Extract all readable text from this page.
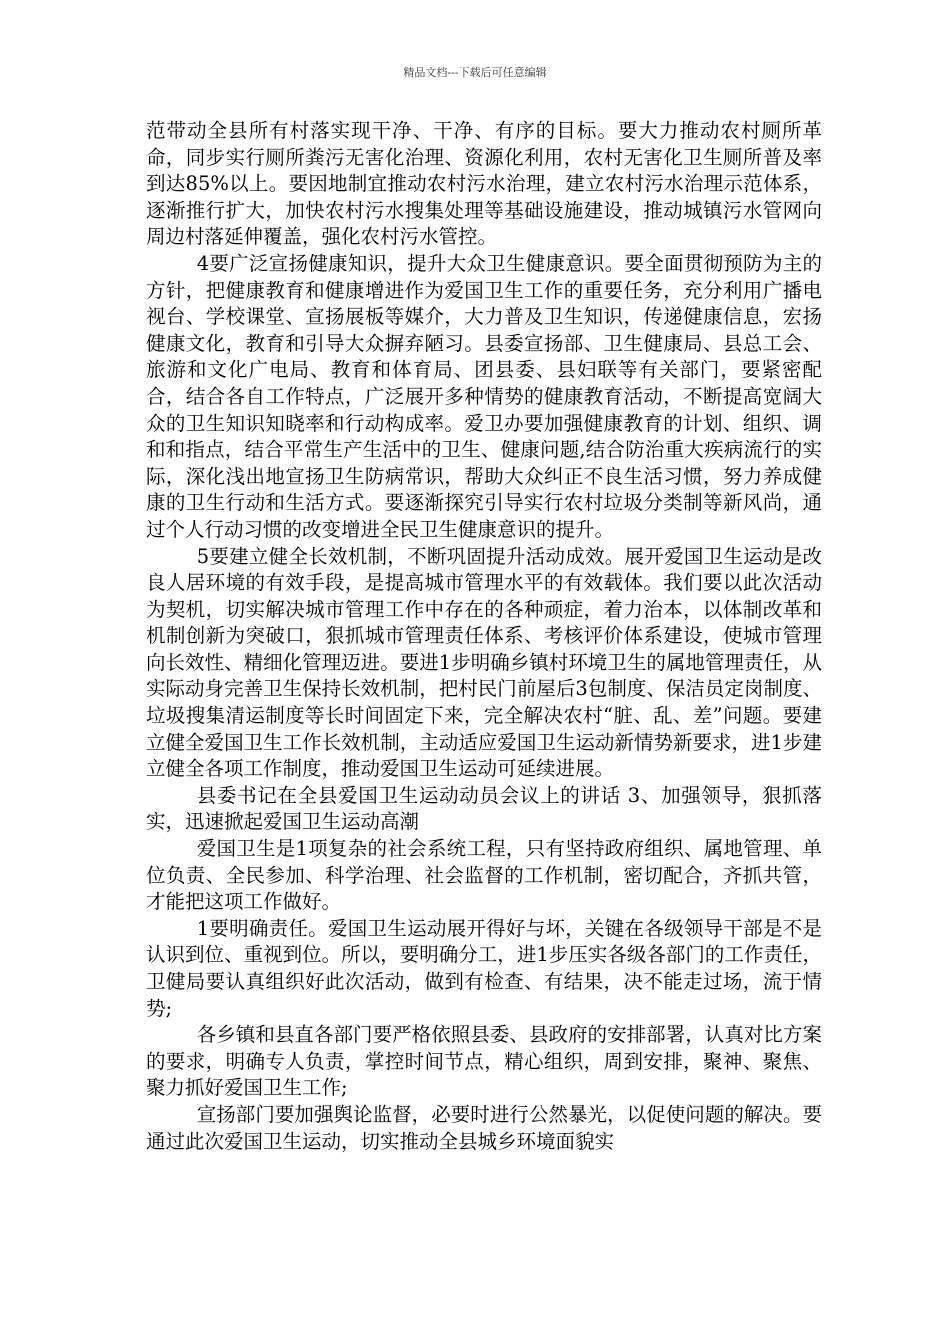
精品文档---下载后可任意编辑

范带动全县所有村落实现干净、干净、有序的目标。要大力推动农村厕所革命，同步实行厕所粪污无害化治理、资源化利用，农村无害化卫生厕所普及率到达85%以上。要因地制宜推动农村污水治理，建立农村污水治理示范体系，逐渐推行扩大，加快农村污水搜集处理等基础设施建设，推动城镇污水管网向周边村落延伸覆盖，强化农村污水管控。

4要广泛宣扬健康知识，提升大众卫生健康意识。要全面贯彻预防为主的方针，把健康教育和健康增进作为爱国卫生工作的重要任务，充分利用广播电视台、学校课堂、宣扬展板等媒介，大力普及卫生知识，传递健康信息，宏扬健康文化，教育和引导大众摒弃陋习。县委宣扬部、卫生健康局、县总工会、旅游和文化广电局、教育和体育局、团县委、县妇联等有关部门，要紧密配合，结合各自工作特点，广泛展开多种情势的健康教育活动，不断提高宽阔大众的卫生知识知晓率和行动构成率。爱卫办要加强健康教育的计划、组织、调和和指点，结合平常生产生活中的卫生、健康问题,结合防治重大疾病流行的实际，深化浅出地宣扬卫生防病常识，帮助大众纠正不良生活习惯，努力养成健康的卫生行动和生活方式。要逐渐探究引导实行农村垃圾分类制等新风尚，通过个人行动习惯的改变增进全民卫生健康意识的提升。

5要建立健全长效机制，不断巩固提升活动成效。展开爱国卫生运动是改良人居环境的有效手段，是提高城市管理水平的有效载体。我们要以此次活动为契机，切实解决城市管理工作中存在的各种顽症，着力治本，以体制改革和机制创新为突破口，狠抓城市管理责任体系、考核评价体系建设，使城市管理向长效性、精细化管理迈进。要进1步明确乡镇村环境卫生的属地管理责任，从实际动身完善卫生保持长效机制，把村民门前屋后3包制度、保洁员定岗制度、垃圾搜集清运制度等长时间固定下来，完全解决农村“脏、乱、差”问题。要建立健全爱国卫生工作长效机制，主动适应爱国卫生运动新情势新要求，进1步建立健全各项工作制度，推动爱国卫生运动可延续进展。

县委书记在全县爱国卫生运动动员会议上的讲话 3、加强领导，狠抓落实，迅速掀起爱国卫生运动高潮

爱国卫生是1项复杂的社会系统工程，只有坚持政府组织、属地管理、单位负责、全民参加、科学治理、社会监督的工作机制，密切配合，齐抓共管，才能把这项工作做好。

1要明确责任。爱国卫生运动展开得好与坏，关键在各级领导干部是不是认识到位、重视到位。所以，要明确分工，进1步压实各级各部门的工作责任，卫健局要认真组织好此次活动，做到有检查、有结果，决不能走过场，流于情势;

各乡镇和县直各部门要严格依照县委、县政府的安排部署，认真对比方案的要求，明确专人负责，掌控时间节点，精心组织，周到安排，聚神、聚焦、聚力抓好爱国卫生工作;

宣扬部门要加强舆论监督，必要时进行公然暴光，以促使问题的解决。要通过此次爱国卫生运动，切实推动全县城乡环境面貌实
